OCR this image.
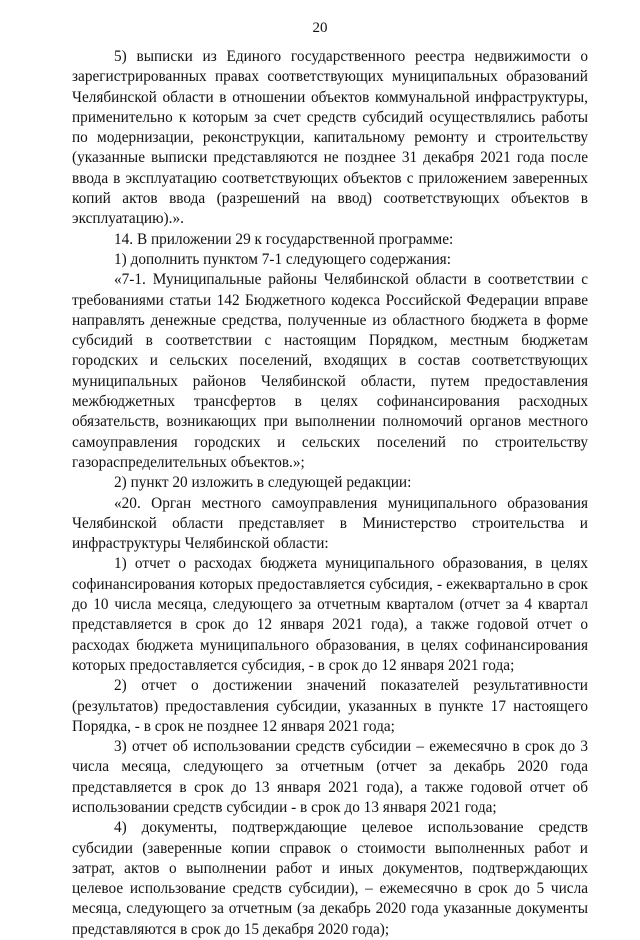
20

5) выписки из Единого государственного реестра недвижимости о зарегистрированных правах соответствующих муниципальных образований Челябинской области в отношении объектов коммунальной инфраструктуры, применительно к которым за счет средств субсидий осуществлялись работы по модернизации, реконструкции, капитальному ремонту и строительству (указанные выписки представляются не позднее 31 декабря 2021 года после ввода в эксплуатацию соответствующих объектов с приложением заверенных копий актов ввода (разрешений на ввод) соответствующих объектов в эксплуатацию).».

14. В приложении 29 к государственной программе:

1) дополнить пунктом 7-1 следующего содержания:

«7-1. Муниципальные районы Челябинской области в соответствии с требованиями статьи 142 Бюджетного кодекса Российской Федерации вправе направлять денежные средства, полученные из областного бюджета в форме субсидий в соответствии с настоящим Порядком, местным бюджетам городских и сельских поселений, входящих в состав соответствующих муниципальных районов Челябинской области, путем предоставления межбюджетных трансфертов в целях софинансирования расходных обязательств, возникающих при выполнении полномочий органов местного самоуправления городских и сельских поселений по строительству газораспределительных объектов.»;

2) пункт 20 изложить в следующей редакции:

«20. Орган местного самоуправления муниципального образования Челябинской области представляет в Министерство строительства и инфраструктуры Челябинской области:

1) отчет о расходах бюджета муниципального образования, в целях софинансирования которых предоставляется субсидия, - ежеквартально в срок до 10 числа месяца, следующего за отчетным кварталом (отчет за 4 квартал представляется в срок до 12 января 2021 года), а также годовой отчет о расходах бюджета муниципального образования, в целях софинансирования которых предоставляется субсидия, - в срок до 12 января 2021 года;

2) отчет о достижении значений показателей результативности (результатов) предоставления субсидии, указанных в пункте 17 настоящего Порядка, - в срок не позднее 12 января 2021 года;

3) отчет об использовании средств субсидии – ежемесячно в срок до 3 числа месяца, следующего за отчетным (отчет за декабрь 2020 года представляется в срок до 13 января 2021 года), а также годовой отчет об использовании средств субсидии - в срок до 13 января 2021 года;

4) документы, подтверждающие целевое использование средств субсидии (заверенные копии справок о стоимости выполненных работ и затрат, актов о выполнении работ и иных документов, подтверждающих целевое использование средств субсидии), – ежемесячно в срок до 5 числа месяца, следующего за отчетным (за декабрь 2020 года указанные документы представляются в срок до 15 декабря 2020 года);
